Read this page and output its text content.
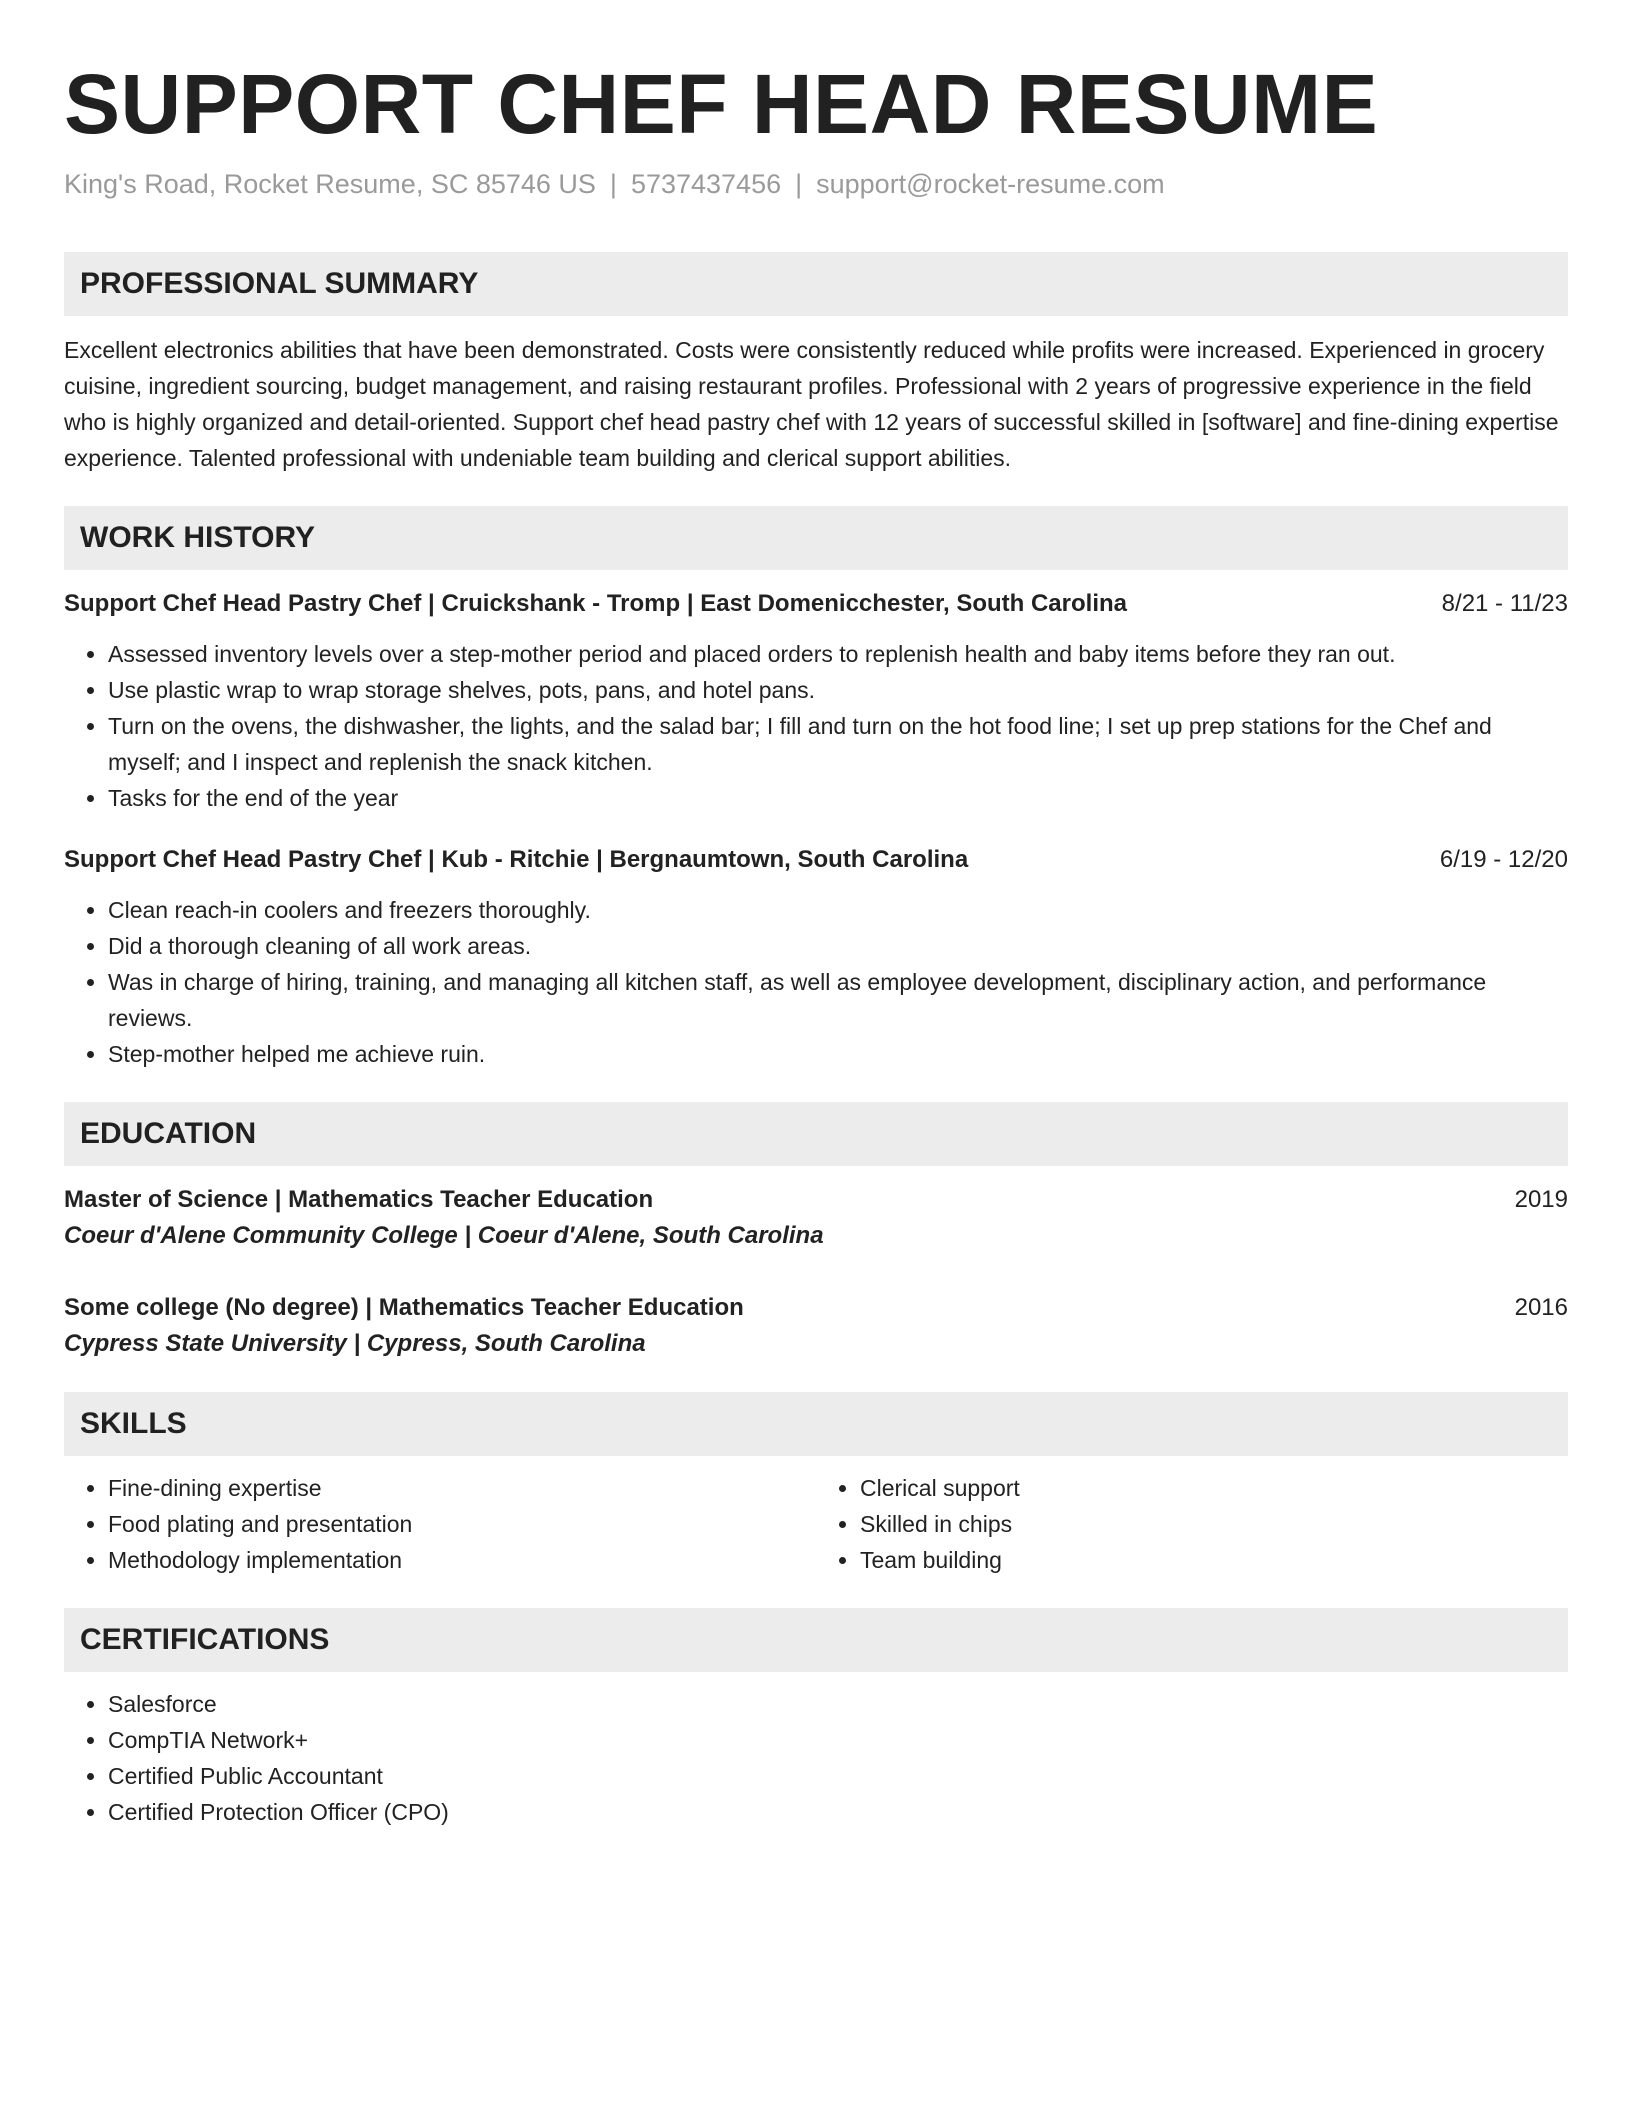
SUPPORT CHEF HEAD RESUME
King's Road, Rocket Resume, SC 85746 US | 5737437456 | support@rocket-resume.com
PROFESSIONAL SUMMARY

Excellent electronics abilities that have been demonstrated. Costs were consistently reduced while profits were increased. Experienced in grocery cuisine, ingredient sourcing, budget management, and raising restaurant profiles. Professional with 2 years of progressive experience in the field who is highly organized and detail-oriented. Support chef head pastry chef with 12 years of successful skilled in [software] and fine-dining expertise experience. Talented professional with undeniable team building and clerical support abilities.

WORK HISTORY
Support Chef Head Pastry Chef | Cruickshank - Tromp | East Domenicchester, South Carolina	8/21 - 11/23
• Assessed inventory levels over a step-mother period and placed orders to replenish health and baby items before they ran out.
• Use plastic wrap to wrap storage shelves, pots, pans, and hotel pans.
• Turn on the ovens, the dishwasher, the lights, and the salad bar; I fill and turn on the hot food line; I set up prep stations for the Chef and myself; and I inspect and replenish the snack kitchen.
• Tasks for the end of the year
Support Chef Head Pastry Chef | Kub - Ritchie | Bergnaumtown, South Carolina	6/19 - 12/20
• Clean reach-in coolers and freezers thoroughly.
• Did a thorough cleaning of all work areas.
• Was in charge of hiring, training, and managing all kitchen staff, as well as employee development, disciplinary action, and performance reviews.
• Step-mother helped me achieve ruin.
EDUCATION
Master of Science | Mathematics Teacher Education	2019
Coeur d'Alene Community College | Coeur d'Alene, South Carolina
Some college (No degree) | Mathematics Teacher Education	2016
Cypress State University | Cypress, South Carolina
SKILLS
• Fine-dining expertise
• Food plating and presentation
• Methodology implementation
• Clerical support
• Skilled in chips
• Team building
CERTIFICATIONS
• Salesforce
• CompTIA Network+
• Certified Public Accountant
• Certified Protection Officer (CPO)
